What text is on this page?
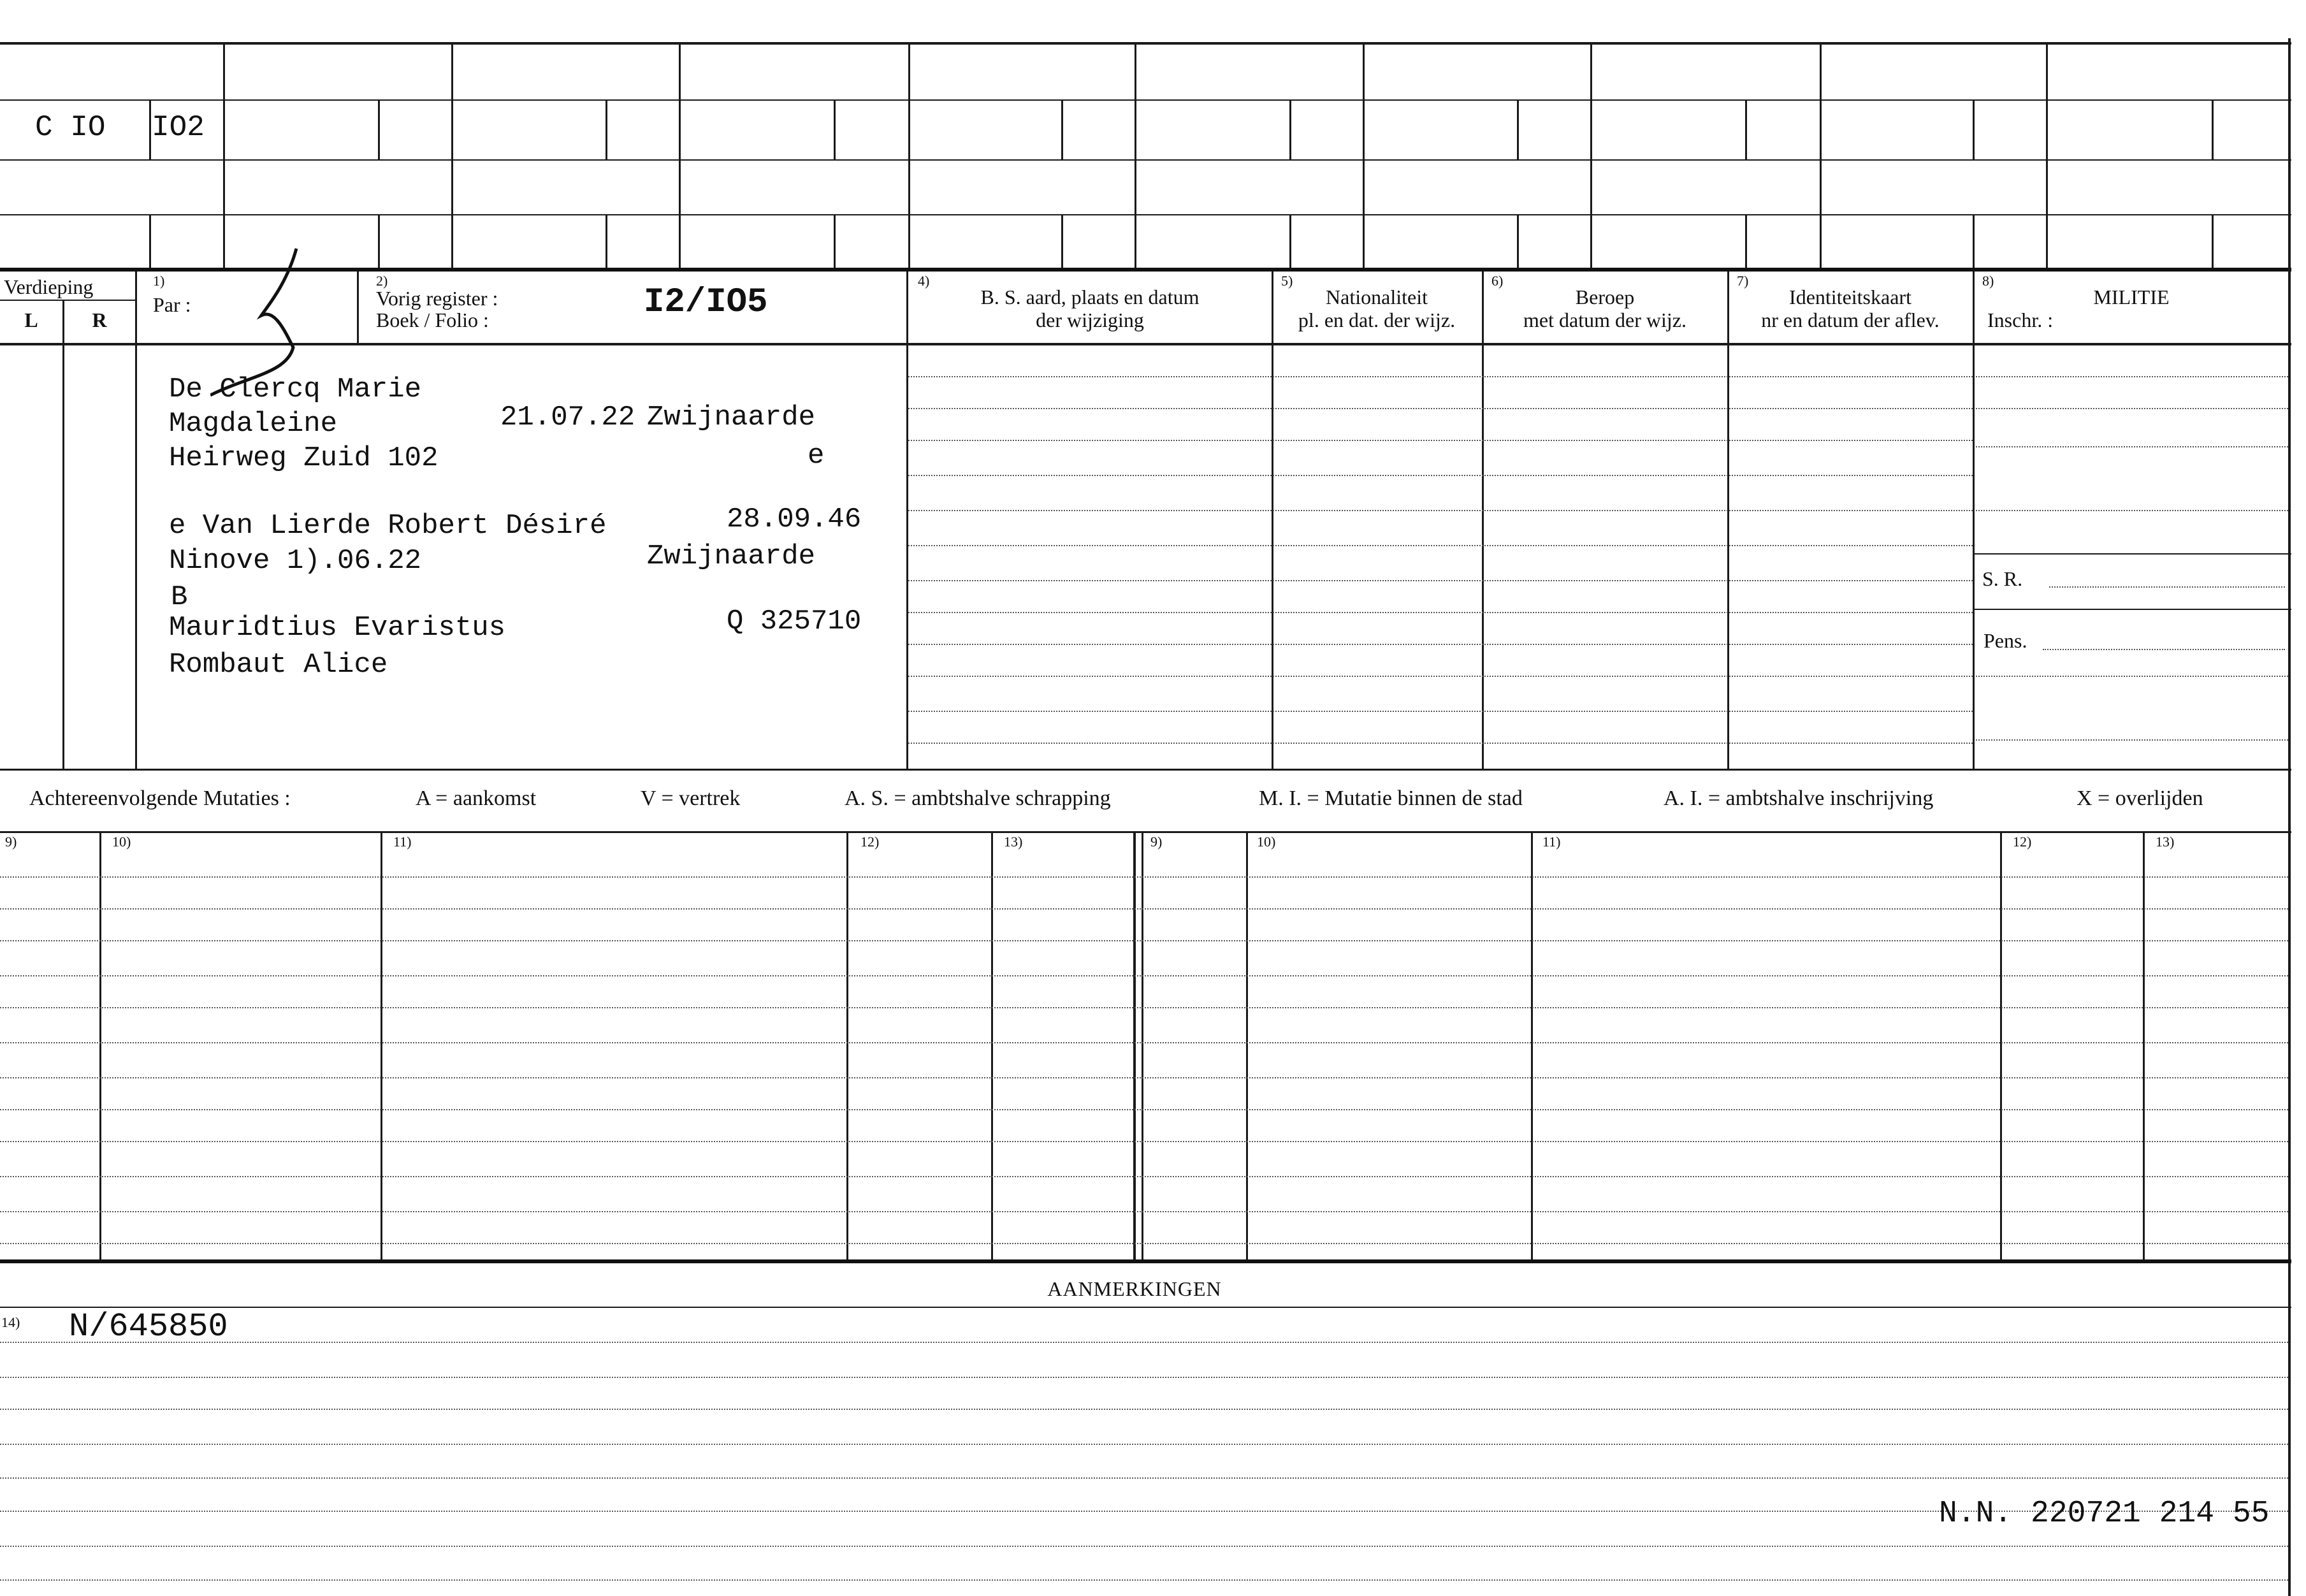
C IO IO2
Verdieping
L	R
1)
Par :
2)
Vorig register :
Boek / Folio :	I2/IO5
4)
B. S. aard, plaats en datum
der wijziging
5)
Nationaliteit
pl. en dat. der wijz.
6)
Beroep
met datum der wijz.
7)
Identiteitskaart
nr en datum der aflev.
8)
MILITIE
Inschr. :
S. R.
Pens.
De Clercq Marie
Magdaleine	21.07.22 Zwijnaarde
Heirweg Zuid 102	e
e Van Lierde Robert Désiré	28.09.46
Ninove 1).06.22	Zwijnaarde
B
Mauridtius Evaristus	Q 325710
Rombaut Alice
Achtereenvolgende Mutaties :	A = aankomst	V = vertrek	A. S. = ambtshalve schrapping	M. I. = Mutatie binnen de stad	A. I. = ambtshalve inschrijving	X = overlijden
9)	10)	11)	12)	13)	9)	10)	11)	12)	13)
AANMERKINGEN
14) N/645850
N.N. 220721 214 55
